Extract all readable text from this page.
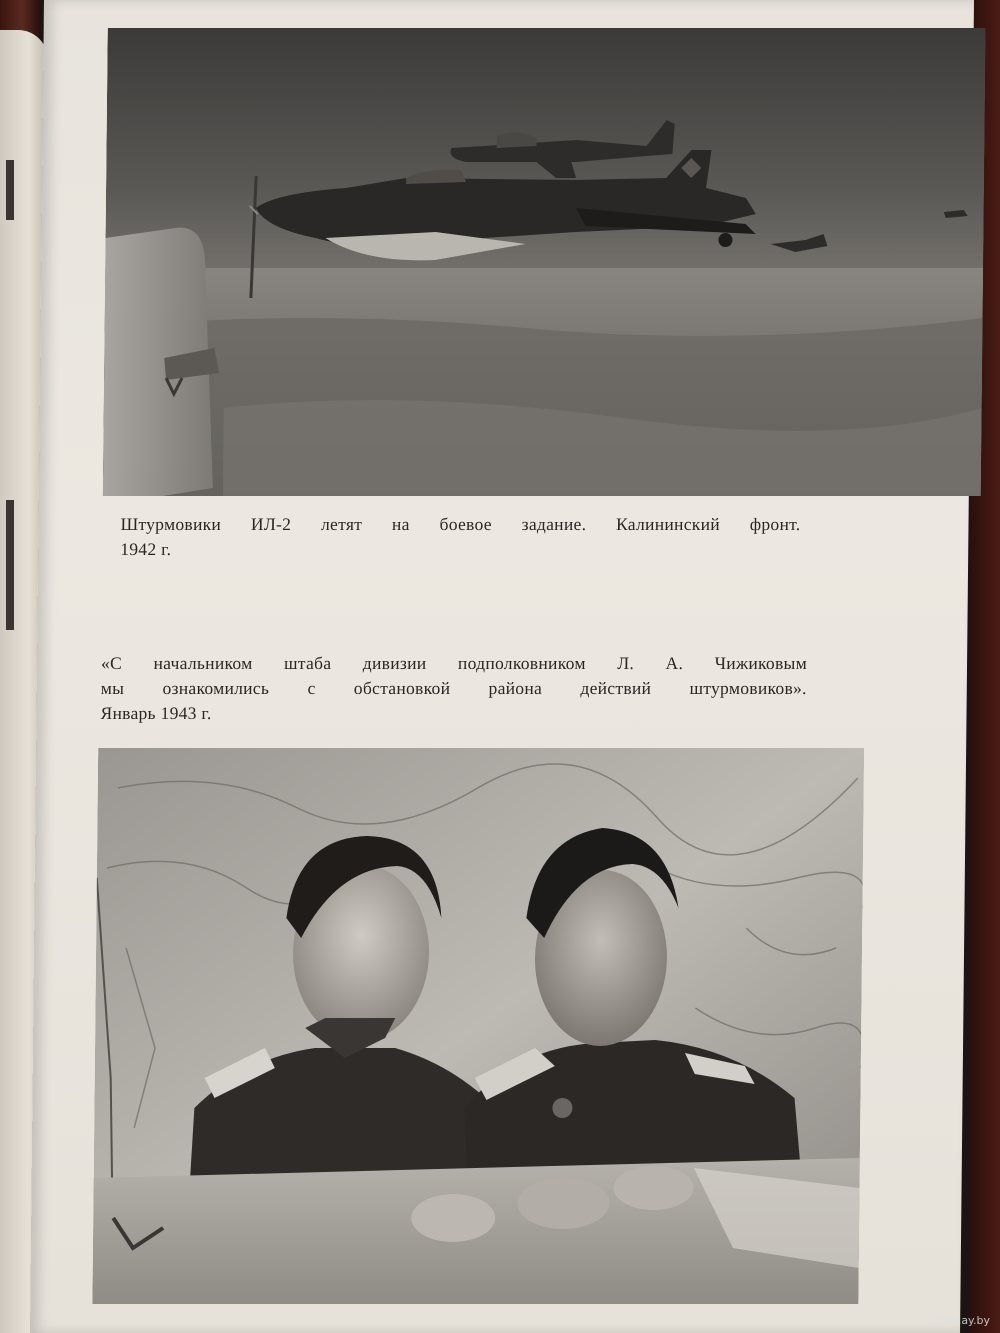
Штурмовики ИЛ-2 летят на боевое задание. Калининский фронт.
1942 г.
«С начальником штаба дивизии подполковником Л. А. Чижиковым
мы ознакомились с обстановкой района действий штурмовиков».
Январь 1943 г.
www.ay.by
